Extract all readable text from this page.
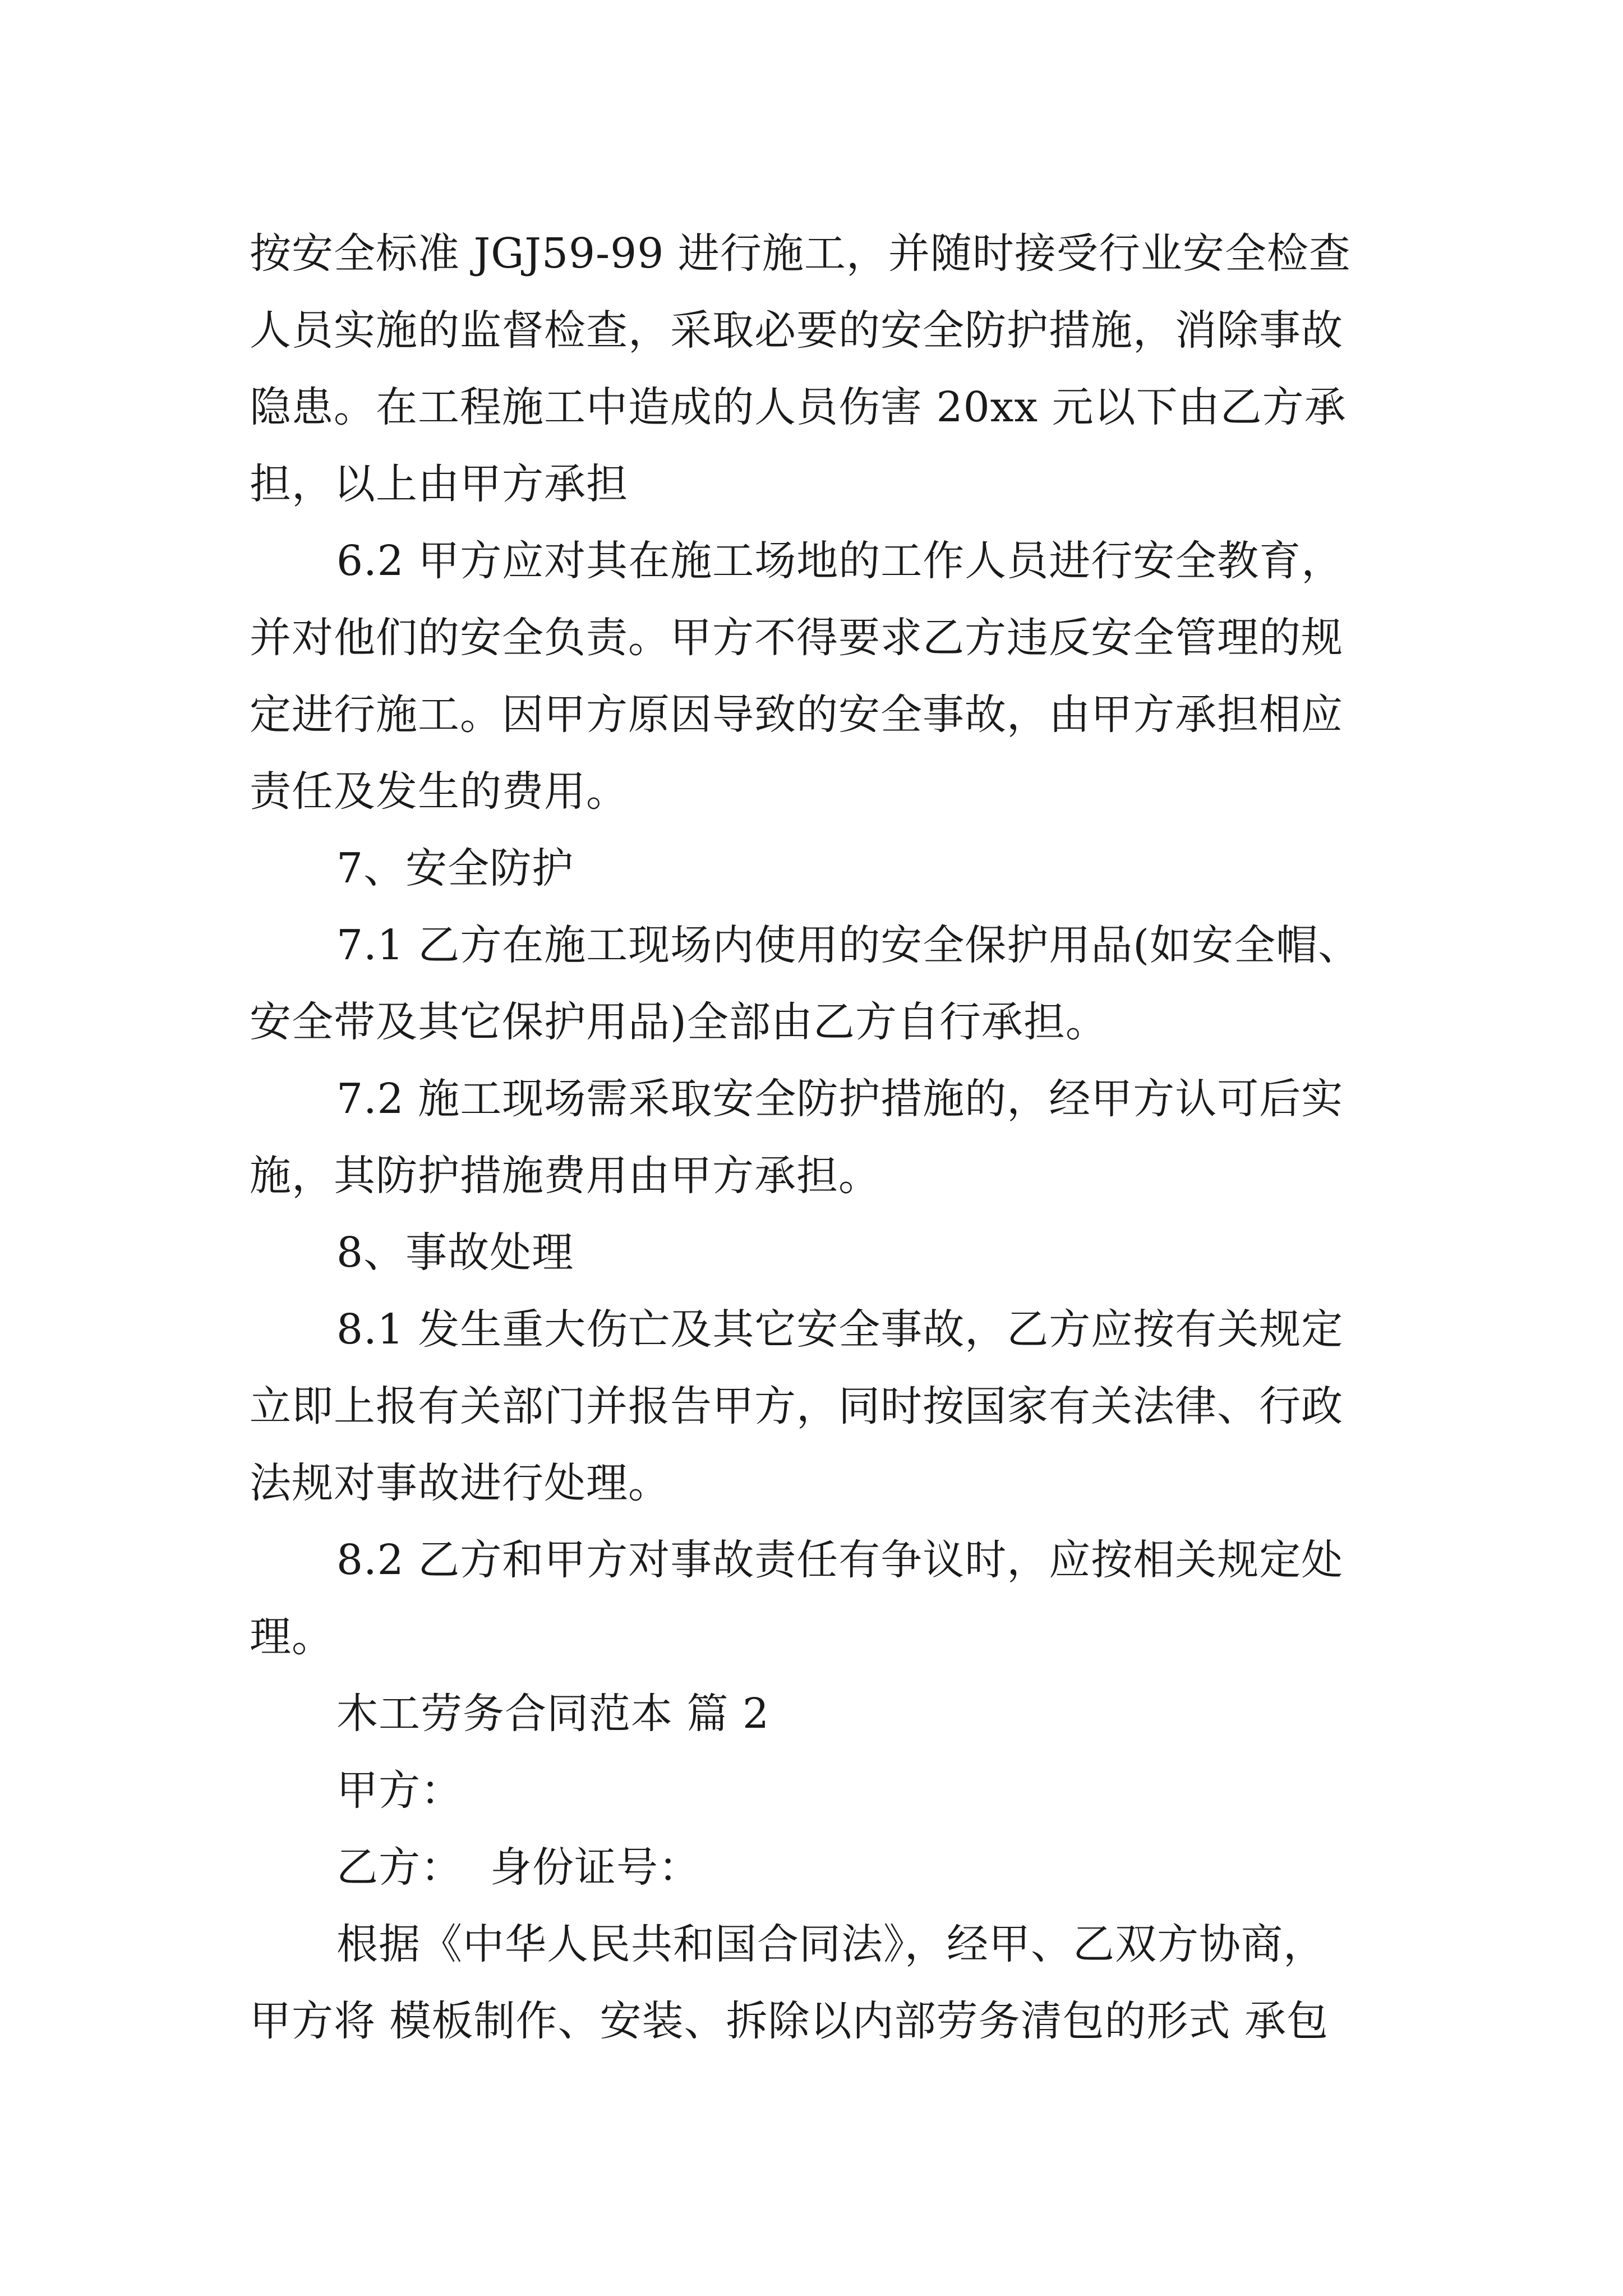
按安全标准 JGJ59-99 进行施工，并随时接受行业安全检查
人员实施的监督检查，采取必要的安全防护措施，消除事故
隐患。在工程施工中造成的人员伤害 20xx 元以下由乙方承
担，以上由甲方承担
6.2 甲方应对其在施工场地的工作人员进行安全教育，
并对他们的安全负责。甲方不得要求乙方违反安全管理的规
定进行施工。因甲方原因导致的安全事故，由甲方承担相应
责任及发生的费用。
7、安全防护
7.1 乙方在施工现场内使用的安全保护用品(如安全帽、
安全带及其它保护用品)全部由乙方自行承担。
7.2 施工现场需采取安全防护措施的，经甲方认可后实
施，其防护措施费用由甲方承担。
8、事故处理
8.1 发生重大伤亡及其它安全事故，乙方应按有关规定
立即上报有关部门并报告甲方，同时按国家有关法律、行政
法规对事故进行处理。
8.2 乙方和甲方对事故责任有争议时，应按相关规定处
理。
木工劳务合同范本 篇 2
甲方：
乙方：  身份证号：
根据《中华人民共和国合同法》，经甲、乙双方协商，
甲方将 模板制作、安装、拆除以内部劳务清包的形式 承包
